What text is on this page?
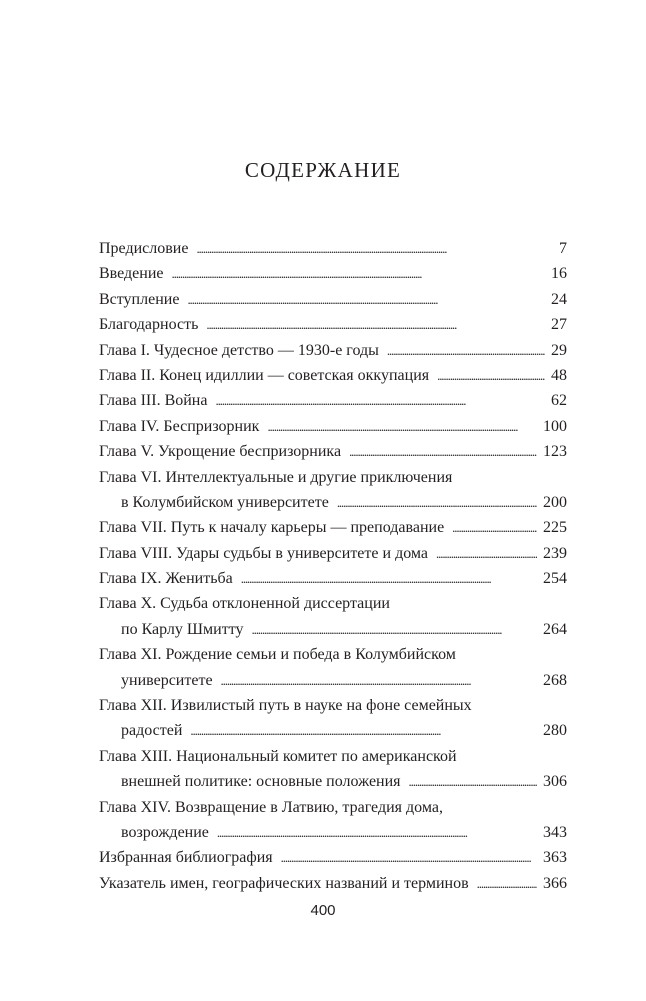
СОДЕРЖАНИЕ
Предисловие . . .	7
Введение . . .	16
Вступление . . .	24
Благодарность . . .	27
Глава I. Чудесное детство — 1930-е годы . . .	29
Глава II. Конец идиллии — советская оккупация . . .	48
Глава III. Война . . .	62
Глава IV. Беспризорник . . .	100
Глава V. Укрощение беспризорника . . .	123
Глава VI. Интеллектуальные и другие приключения
в Колумбийском университете . . .	200
Глава VII. Путь к началу карьеры — преподавание . . .	225
Глава VIII. Удары судьбы в университете и дома . . .	239
Глава IX. Женитьба . . .	254
Глава X. Судьба отклоненной диссертации
по Карлу Шмитту . . .	264
Глава XI. Рождение семьи и победа в Колумбийском
университете . . .	268
Глава XII. Извилистый путь в науке на фоне семейных
радостей . . .	280
Глава XIII. Национальный комитет по американской
внешней политике: основные положения . . .	306
Глава XIV. Возвращение в Латвию, трагедия дома,
возрождение . . .	343
Избранная библиография . . .	363
Указатель имен, географических названий и терминов . . .	366
400
